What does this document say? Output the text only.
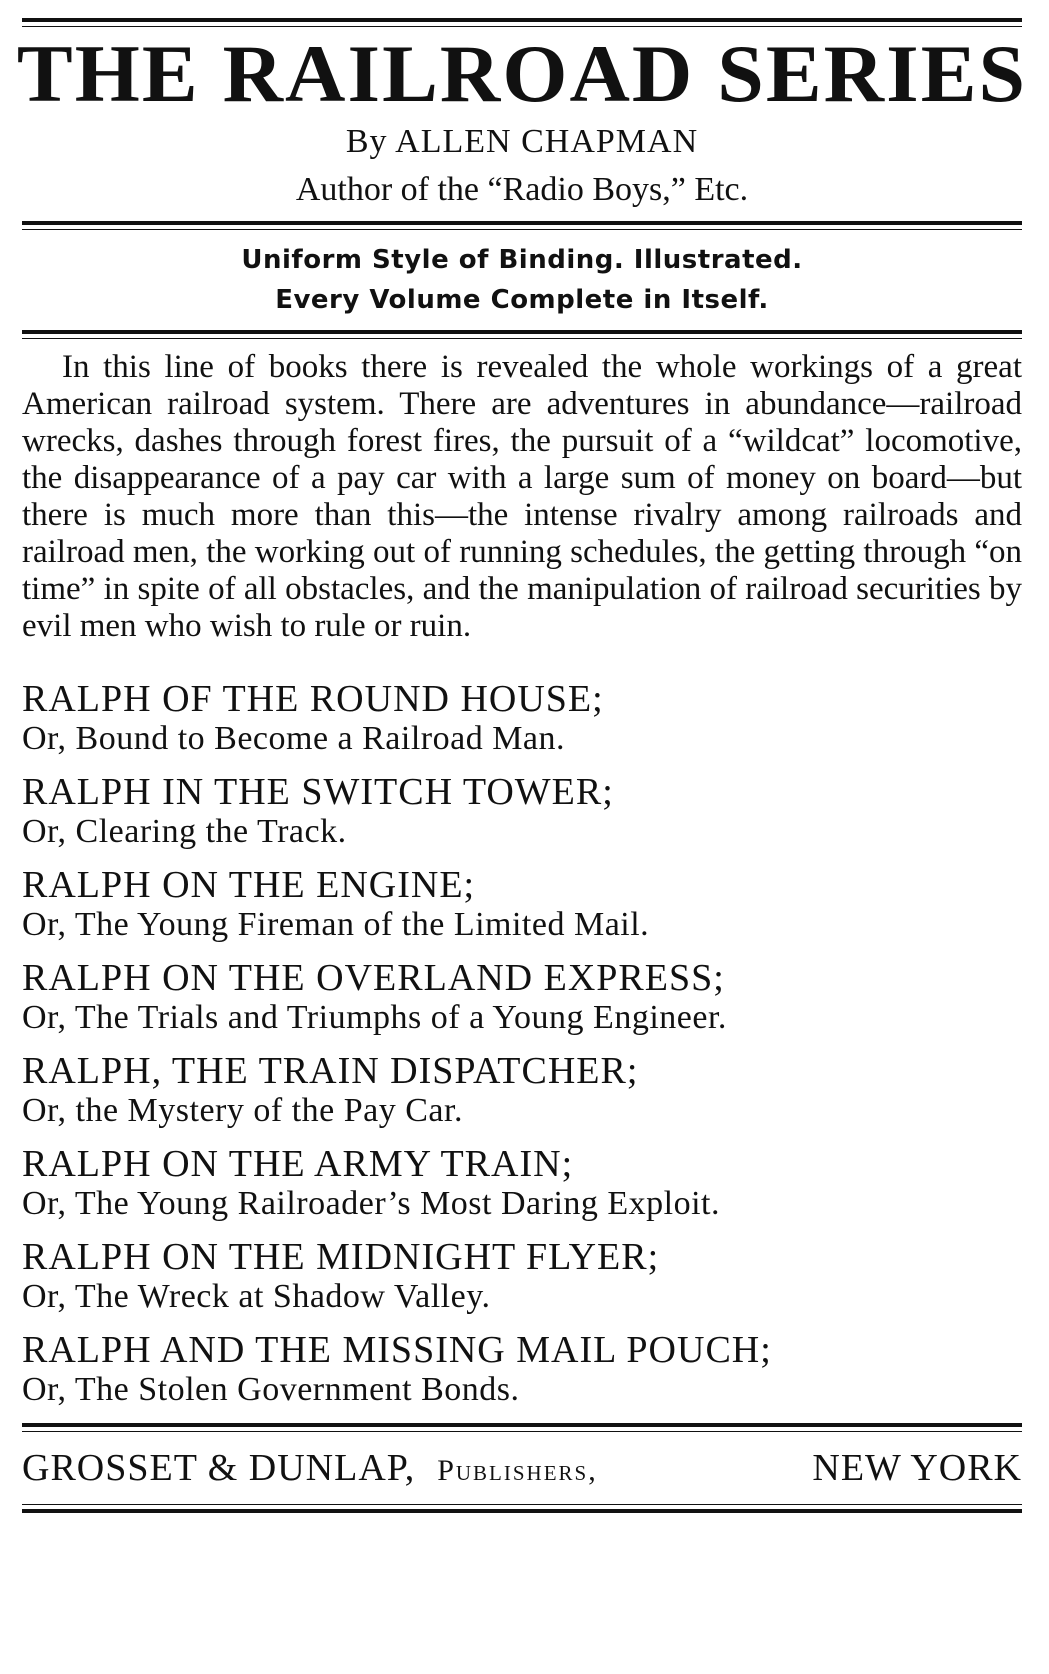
THE RAILROAD SERIES
By ALLEN CHAPMAN
Author of the “Radio Boys,” Etc.
Uniform Style of Binding. Illustrated.
Every Volume Complete in Itself.

In this line of books there is revealed the whole workings of a great American railroad system. There are adventures in abundance—railroad wrecks, dashes through forest fires, the pursuit of a “wildcat” locomotive, the disappearance of a pay car with a large sum of money on board—but there is much more than this—the intense rivalry among railroads and railroad men, the working out of running schedules, the getting through “on time” in spite of all obstacles, and the manipulation of railroad securities by evil men who wish to rule or ruin.

RALPH OF THE ROUND HOUSE;
Or, Bound to Become a Railroad Man.
RALPH IN THE SWITCH TOWER;
Or, Clearing the Track.
RALPH ON THE ENGINE;
Or, The Young Fireman of the Limited Mail.
RALPH ON THE OVERLAND EXPRESS;
Or, The Trials and Triumphs of a Young Engineer.
RALPH, THE TRAIN DISPATCHER;
Or, the Mystery of the Pay Car.
RALPH ON THE ARMY TRAIN;
Or, The Young Railroader’s Most Daring Exploit.
RALPH ON THE MIDNIGHT FLYER;
Or, The Wreck at Shadow Valley.
RALPH AND THE MISSING MAIL POUCH;
Or, The Stolen Government Bonds.
GROSSET & DUNLAP, Publishers,	NEW YORK
